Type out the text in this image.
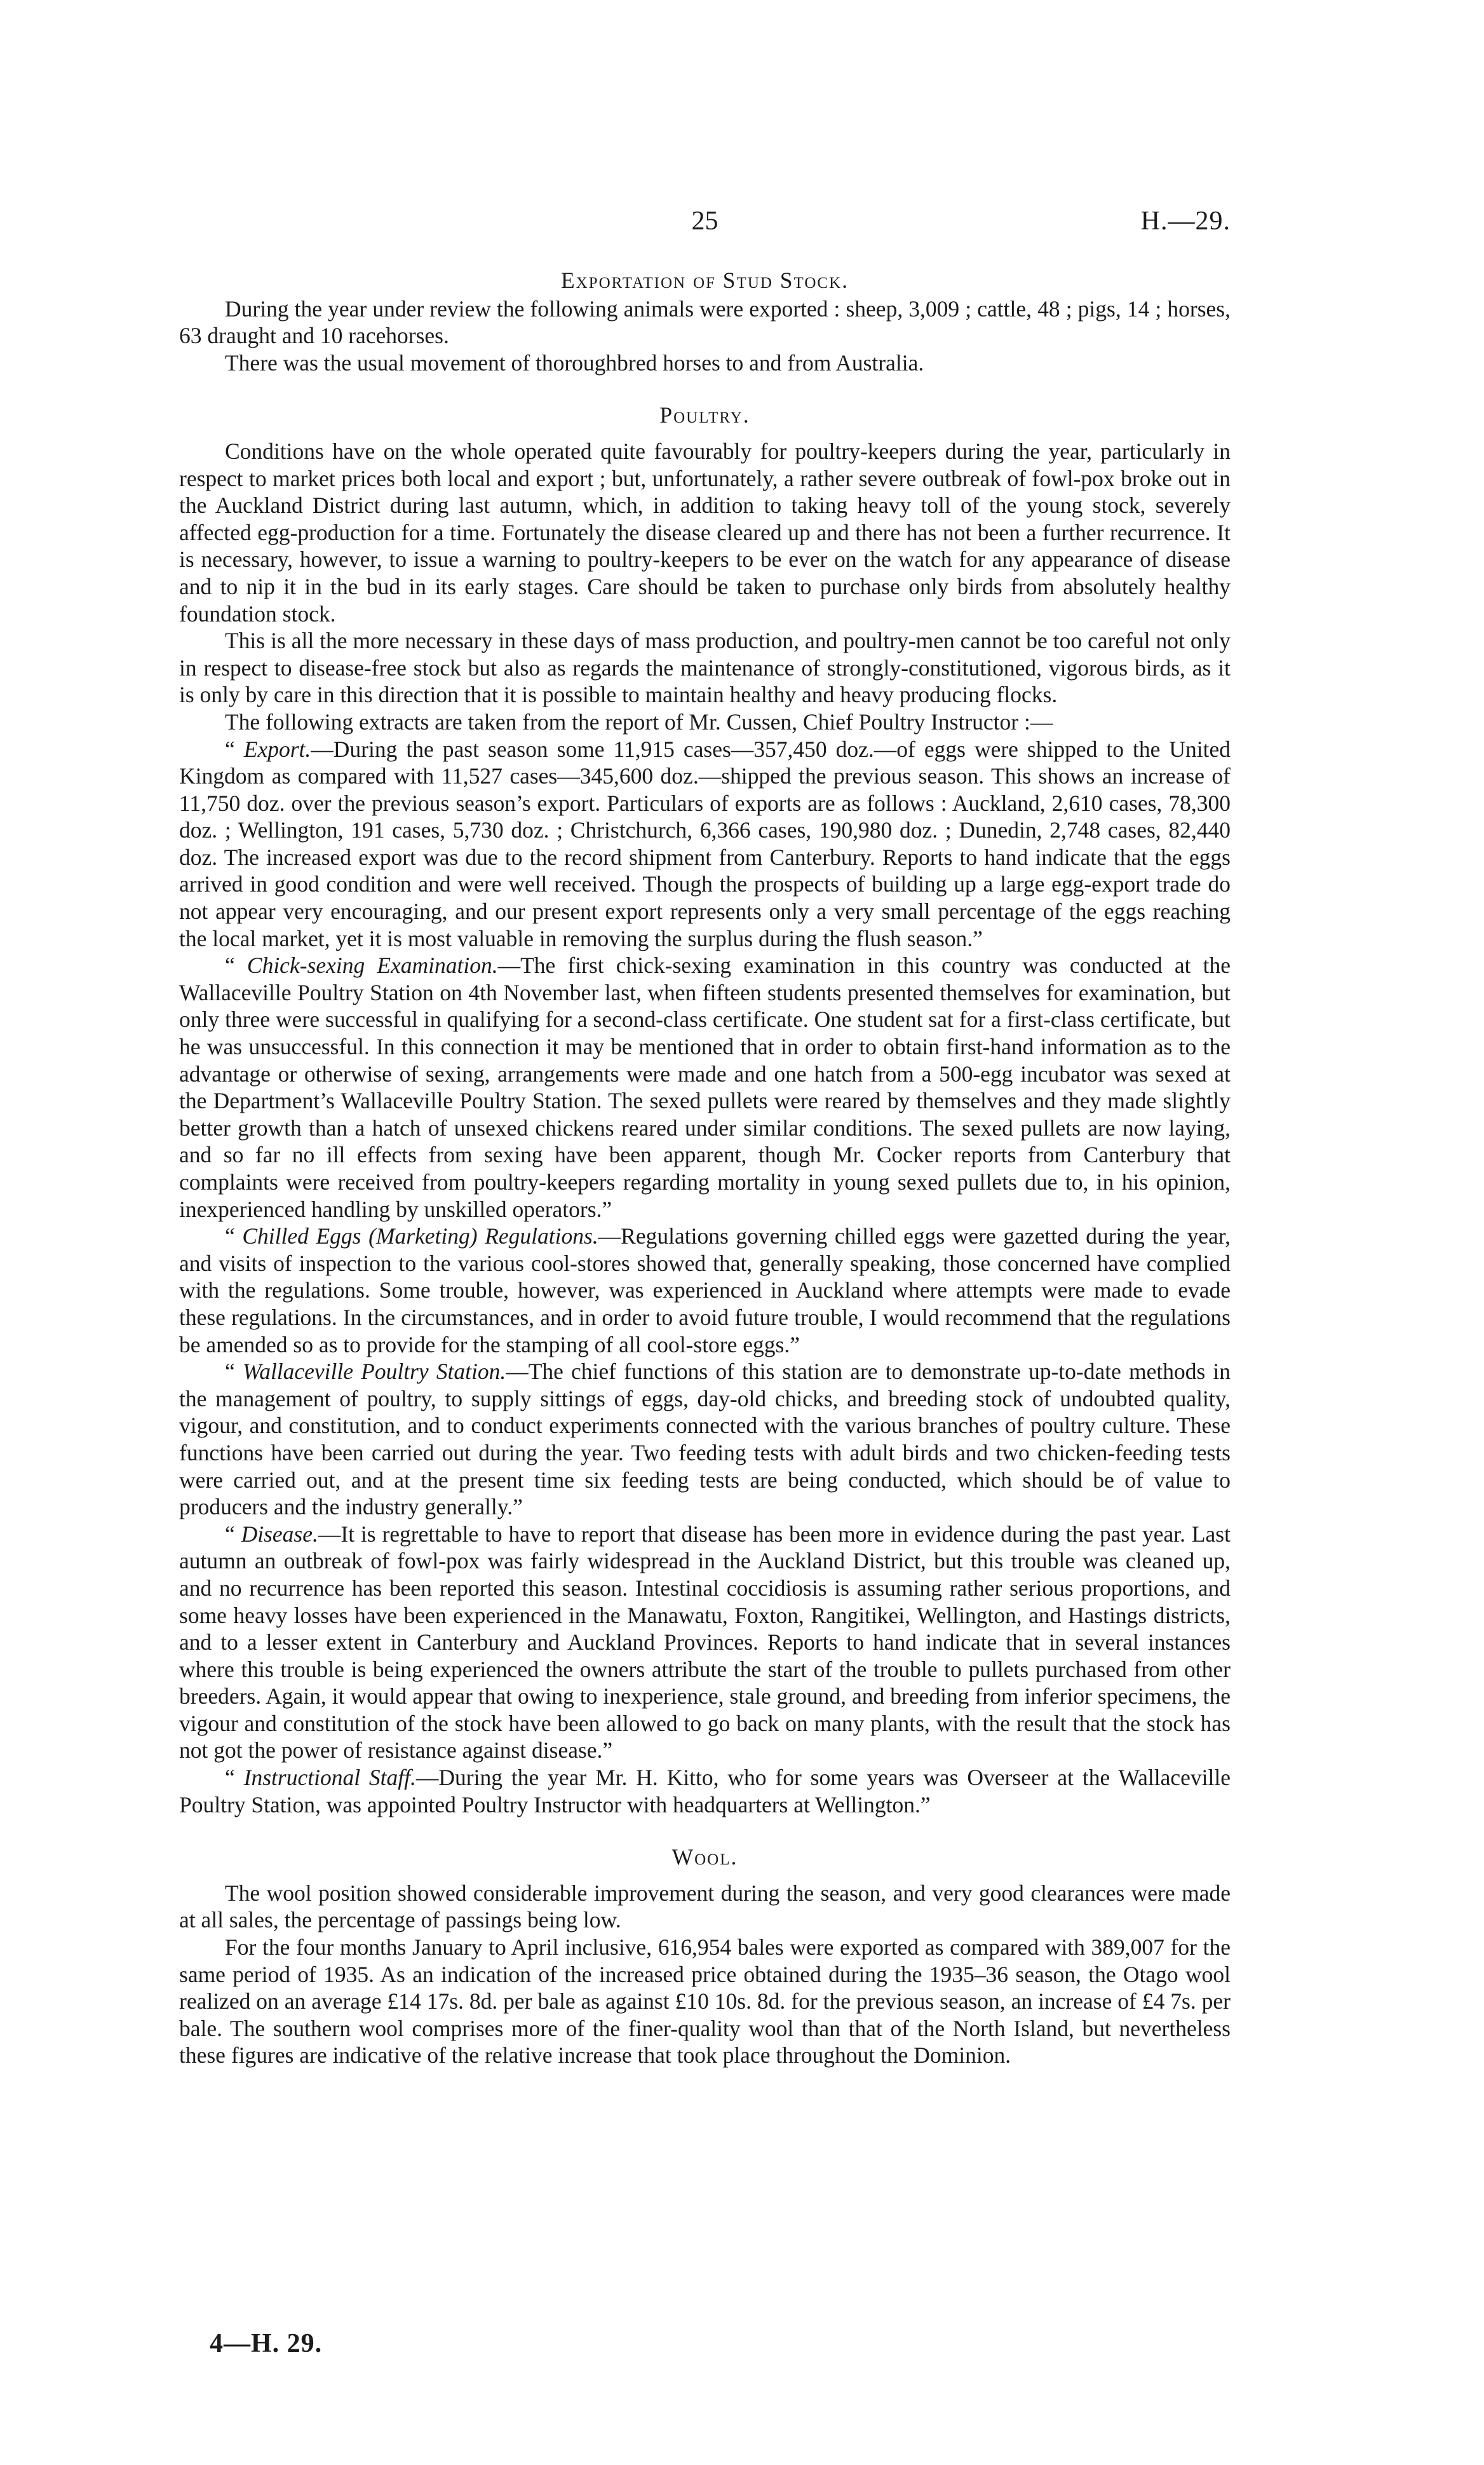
25	H.—29.
Exportation of Stud Stock.

During the year under review the following animals were exported : sheep, 3,009 ; cattle, 48 ; pigs, 14 ; horses, 63 draught and 10 racehorses.

There was the usual movement of thoroughbred horses to and from Australia.

Poultry.

Conditions have on the whole operated quite favourably for poultry-keepers during the year, particularly in respect to market prices both local and export ; but, unfortunately, a rather severe outbreak of fowl-pox broke out in the Auckland District during last autumn, which, in addition to taking heavy toll of the young stock, severely affected egg-production for a time. Fortunately the disease cleared up and there has not been a further recurrence. It is necessary, however, to issue a warning to poultry-keepers to be ever on the watch for any appearance of disease and to nip it in the bud in its early stages. Care should be taken to purchase only birds from absolutely healthy foundation stock.

This is all the more necessary in these days of mass production, and poultry-men cannot be too careful not only in respect to disease-free stock but also as regards the maintenance of strongly-constitutioned, vigorous birds, as it is only by care in this direction that it is possible to maintain healthy and heavy producing flocks.

The following extracts are taken from the report of Mr. Cussen, Chief Poultry Instructor :—

“ Export.—During the past season some 11,915 cases—357,450 doz.—of eggs were shipped to the United Kingdom as compared with 11,527 cases—345,600 doz.—shipped the previous season. This shows an increase of 11,750 doz. over the previous season’s export. Particulars of exports are as follows : Auckland, 2,610 cases, 78,300 doz. ; Wellington, 191 cases, 5,730 doz. ; Christchurch, 6,366 cases, 190,980 doz. ; Dunedin, 2,748 cases, 82,440 doz. The increased export was due to the record shipment from Canterbury. Reports to hand indicate that the eggs arrived in good condition and were well received. Though the prospects of building up a large egg-export trade do not appear very encouraging, and our present export represents only a very small percentage of the eggs reaching the local market, yet it is most valuable in removing the surplus during the flush season.”

“ Chick-sexing Examination.—The first chick-sexing examination in this country was conducted at the Wallaceville Poultry Station on 4th November last, when fifteen students presented themselves for examination, but only three were successful in qualifying for a second-class certificate. One student sat for a first-class certificate, but he was unsuccessful. In this connection it may be mentioned that in order to obtain first-hand information as to the advantage or otherwise of sexing, arrangements were made and one hatch from a 500-egg incubator was sexed at the Department’s Wallaceville Poultry Station. The sexed pullets were reared by themselves and they made slightly better growth than a hatch of unsexed chickens reared under similar conditions. The sexed pullets are now laying, and so far no ill effects from sexing have been apparent, though Mr. Cocker reports from Canterbury that complaints were received from poultry-keepers regarding mortality in young sexed pullets due to, in his opinion, inexperienced handling by unskilled operators.”

“ Chilled Eggs (Marketing) Regulations.—Regulations governing chilled eggs were gazetted during the year, and visits of inspection to the various cool-stores showed that, generally speaking, those concerned have complied with the regulations. Some trouble, however, was experienced in Auckland where attempts were made to evade these regulations. In the circumstances, and in order to avoid future trouble, I would recommend that the regulations be amended so as to provide for the stamping of all cool-store eggs.”

“ Wallaceville Poultry Station.—The chief functions of this station are to demonstrate up-to-date methods in the management of poultry, to supply sittings of eggs, day-old chicks, and breeding stock of undoubted quality, vigour, and constitution, and to conduct experiments connected with the various branches of poultry culture. These functions have been carried out during the year. Two feeding tests with adult birds and two chicken-feeding tests were carried out, and at the present time six feeding tests are being conducted, which should be of value to producers and the industry generally.”

“ Disease.—It is regrettable to have to report that disease has been more in evidence during the past year. Last autumn an outbreak of fowl-pox was fairly widespread in the Auckland District, but this trouble was cleaned up, and no recurrence has been reported this season. Intestinal coccidiosis is assuming rather serious proportions, and some heavy losses have been experienced in the Manawatu, Foxton, Rangitikei, Wellington, and Hastings districts, and to a lesser extent in Canterbury and Auckland Provinces. Reports to hand indicate that in several instances where this trouble is being experienced the owners attribute the start of the trouble to pullets purchased from other breeders. Again, it would appear that owing to inexperience, stale ground, and breeding from inferior specimens, the vigour and constitution of the stock have been allowed to go back on many plants, with the result that the stock has not got the power of resistance against disease.”

“ Instructional Staff.—During the year Mr. H. Kitto, who for some years was Overseer at the Wallaceville Poultry Station, was appointed Poultry Instructor with headquarters at Wellington.”

Wool.

The wool position showed considerable improvement during the season, and very good clearances were made at all sales, the percentage of passings being low.

For the four months January to April inclusive, 616,954 bales were exported as compared with 389,007 for the same period of 1935. As an indication of the increased price obtained during the 1935–36 season, the Otago wool realized on an average £14 17s. 8d. per bale as against £10 10s. 8d. for the previous season, an increase of £4 7s. per bale. The southern wool comprises more of the finer-quality wool than that of the North Island, but nevertheless these figures are indicative of the relative increase that took place throughout the Dominion.

4—H. 29.
